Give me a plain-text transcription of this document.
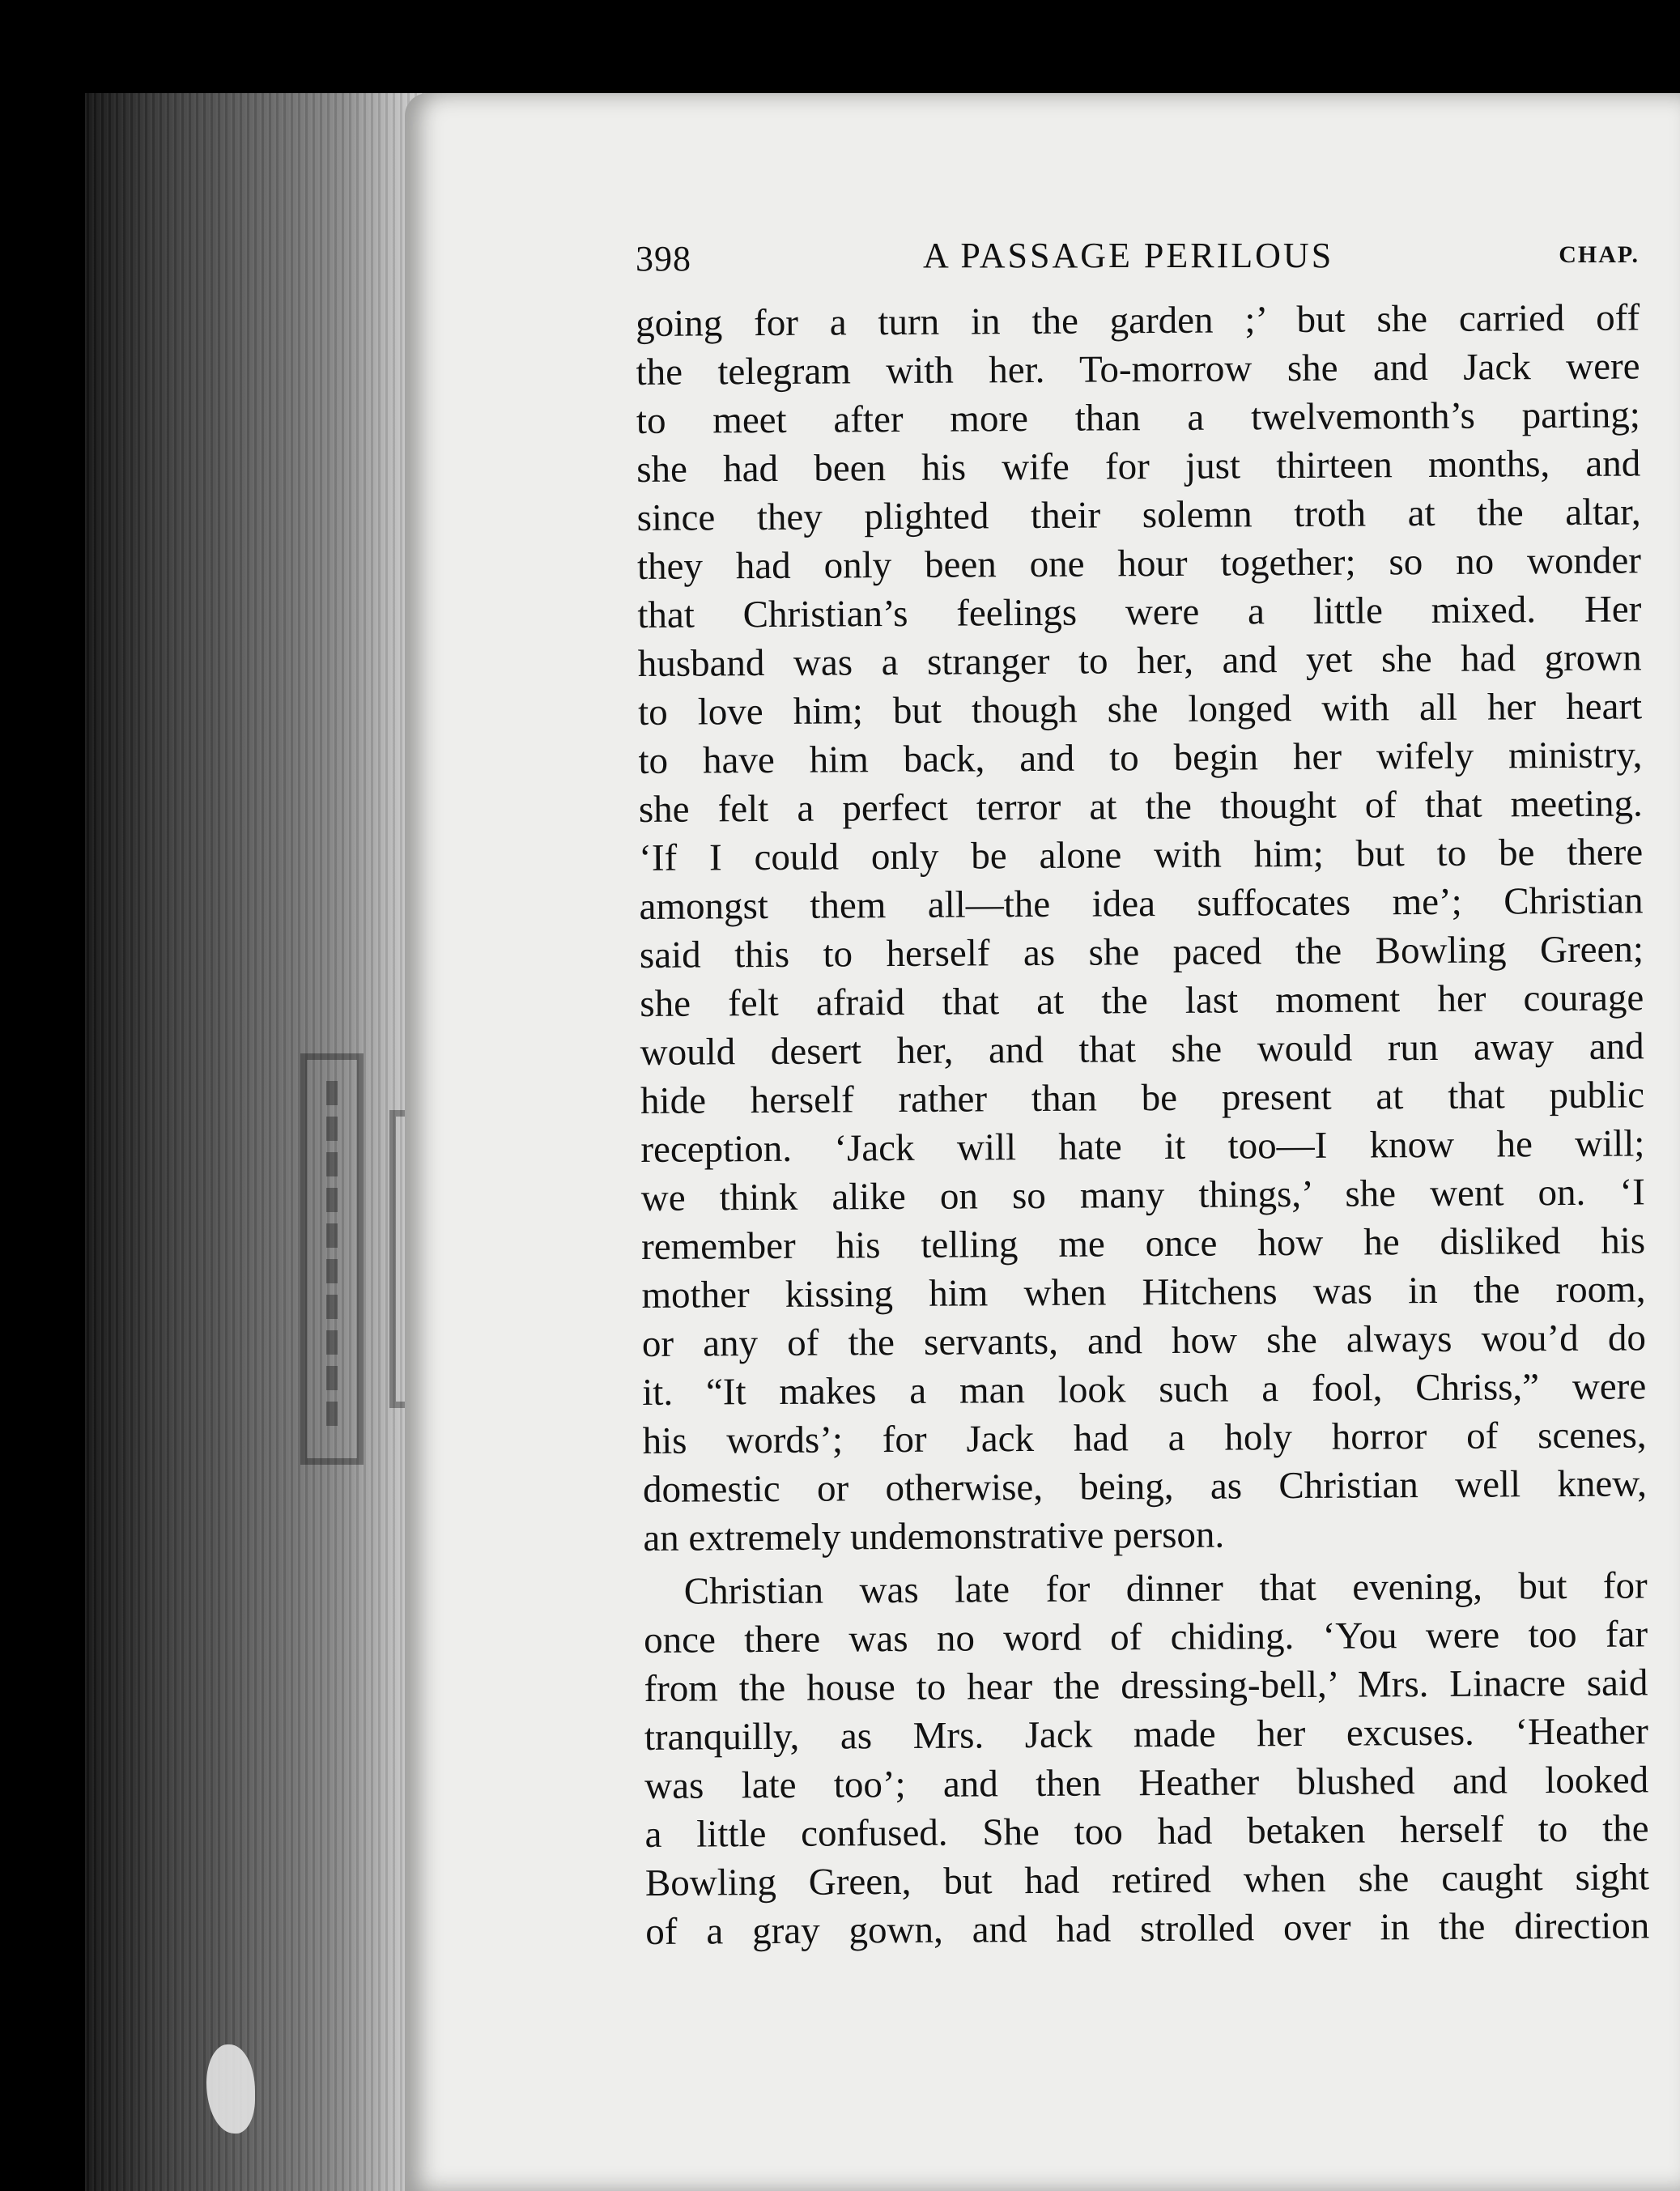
398	A PASSAGE PERILOUS	CHAP.
going for a turn in the garden ;’ but she carried off
the telegram with her. To-morrow she and Jack were
to meet after more than a twelvemonth’s parting;
she had been his wife for just thirteen months, and
since they plighted their solemn troth at the altar,
they had only been one hour together; so no wonder
that Christian’s feelings were a little mixed. Her
husband was a stranger to her, and yet she had grown
to love him; but though she longed with all her heart
to have him back, and to begin her wifely ministry,
she felt a perfect terror at the thought of that meeting.
‘If I could only be alone with him; but to be there
amongst them all—the idea suffocates me’; Christian
said this to herself as she paced the Bowling Green;
she felt afraid that at the last moment her courage
would desert her, and that she would run away and
hide herself rather than be present at that public
reception. ‘Jack will hate it too—I know he will;
we think alike on so many things,’ she went on. ‘I
remember his telling me once how he disliked his
mother kissing him when Hitchens was in the room,
or any of the servants, and how she always wou’d do
it. “It makes a man look such a fool, Chriss,” were
his words’; for Jack had a holy horror of scenes,
domestic or otherwise, being, as Christian well knew,
an extremely undemonstrative person.
Christian was late for dinner that evening, but for
once there was no word of chiding. ‘You were too far
from the house to hear the dressing-bell,’ Mrs. Linacre said
tranquilly, as Mrs. Jack made her excuses. ‘Heather
was late too’; and then Heather blushed and looked
a little confused. She too had betaken herself to the
Bowling Green, but had retired when she caught sight
of a gray gown, and had strolled over in the direction
